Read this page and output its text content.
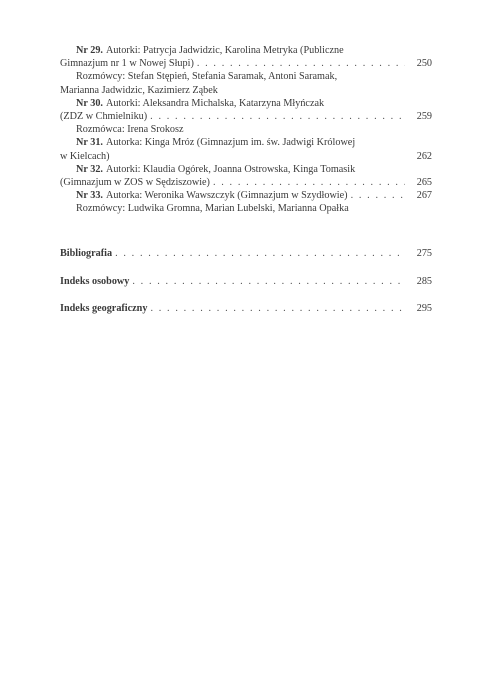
Nr 29. Autorki: Patrycja Jadwidzic, Karolina Metryka (Publiczne
Gimnazjum nr 1 w Nowej Słupi) . . .	250
Rozmówcy: Stefan Stępień, Stefania Saramak, Antoni Saramak,
Marianna Jadwidzic, Kazimierz Ząbek
Nr 30. Autorki: Aleksandra Michalska, Katarzyna Młyńczak
(ZDZ w Chmielniku) . . .	259
Rozmówca: Irena Srokosz
Nr 31. Autorka: Kinga Mróz (Gimnazjum im. św. Jadwigi Królowej
w Kielcach)	262
Nr 32. Autorki: Klaudia Ogórek, Joanna Ostrowska, Kinga Tomasik
(Gimnazjum w ZOS w Sędziszowie) . . .	265
Nr 33. Autorka: Weronika Wawszczyk (Gimnazjum w Szydłowie) . . .	267
Rozmówcy: Ludwika Gromna, Marian Lubelski, Marianna Opałka
Bibliografia . . .	275
Indeks osobowy . . .	285
Indeks geograficzny . . .	295
